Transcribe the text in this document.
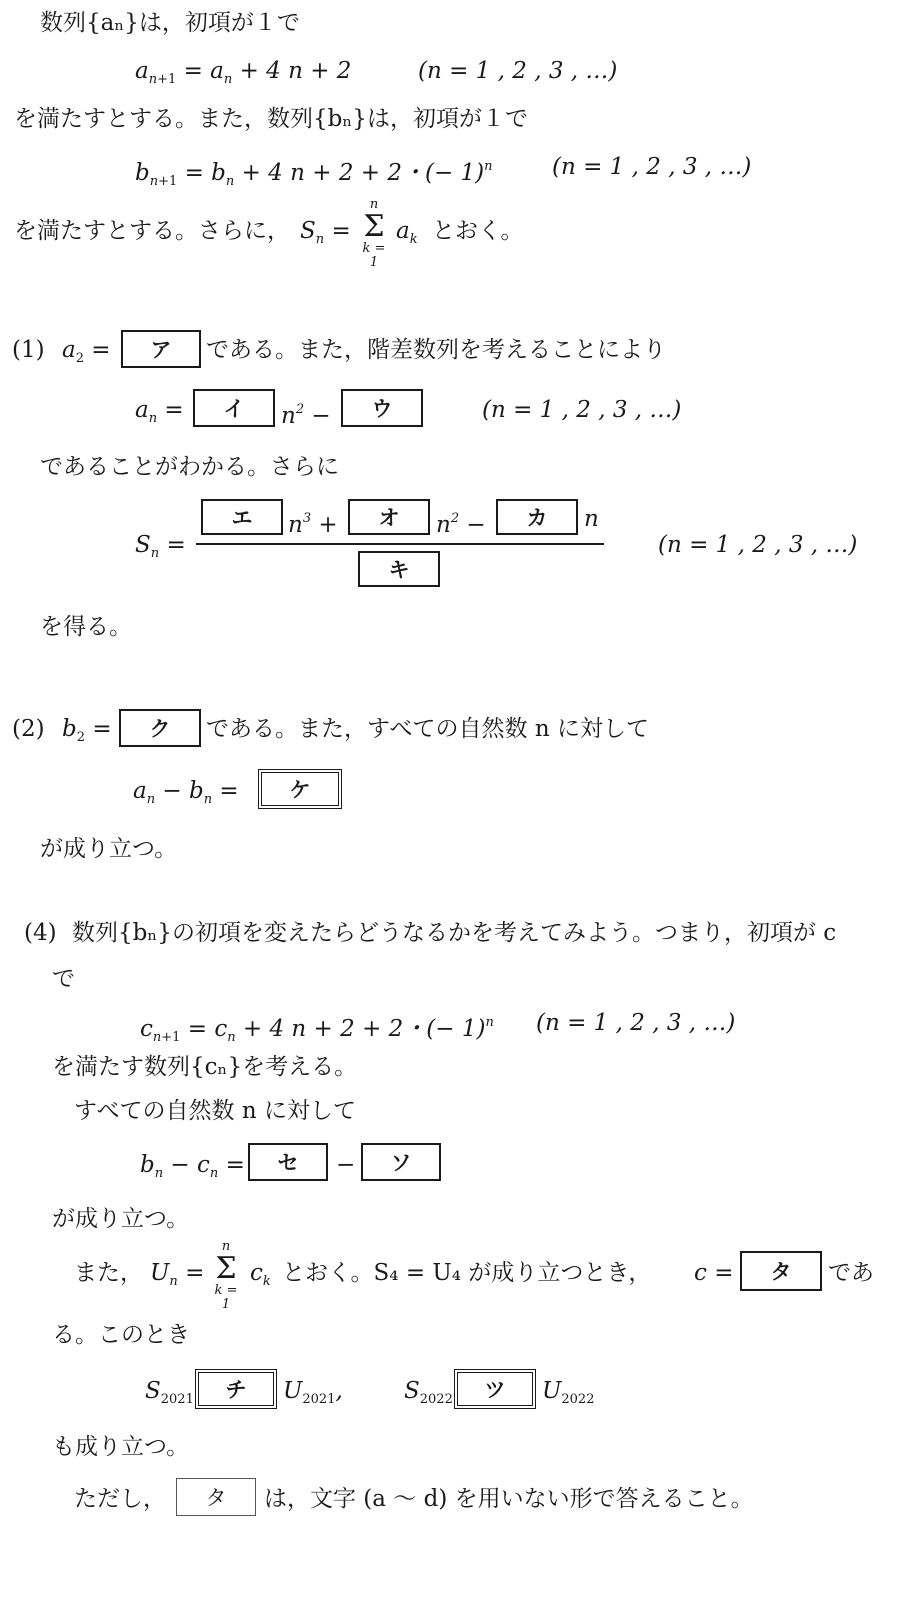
数列{aₙ}は，初項が１で
$a_{n+1} = a_n + 4$ n + 2	(n = 1 , 2 , 3 , …)
を満たすとする。また，数列{bₙ}は，初項が１で
$b_{n+1} = b_n + 4$ n + 2 + 2・(− 1)$^n$	(n = 1 , 2 , 3 , …)
を満たすとする。さらに， $S_n$ =
n
Σ
k = 1
$a_k$ とおく。
(1) $a_2$ =	ア	である。また，階差数列を考えることにより
$a_n$ =	イ	$n^2$ −	ウ	(n = 1 , 2 , 3 , …)
であることがわかる。さらに
$S_n$ =
エ	$n^3$ +	オ	$n^2$ −	カ	n
キ
(n = 1 , 2 , 3 , …)
を得る。
(2) $b_2$ =	ク	である。また，すべての自然数 n に対して
$a_n - b_n$ =	ケ
が成り立つ。
(4) 数列{bₙ}の初項を変えたらどうなるかを考えてみよう。つまり，初項が c
で
$c_{n+1} = c_n + 4$ n + 2 + 2・(− 1)$^n$ (n = 1 , 2 , 3 , …)
を満たす数列{cₙ}を考える。
すべての自然数 n に対して
$b_n - c_n$ =	セ	−	ソ
が成り立つ。
また， $U_n$ =
n
Σ
k = 1
$c_k$ とおく。S₄ = U₄ が成り立つとき， c =	タ	であ
る。このとき
$S_{2021}$	チ	$U_{2021}$,	$S_{2022}$	ツ	$U_{2022}$
も成り立つ。
ただし，	タ	は，文字 (a ～ d) を用いない形で答えること。
